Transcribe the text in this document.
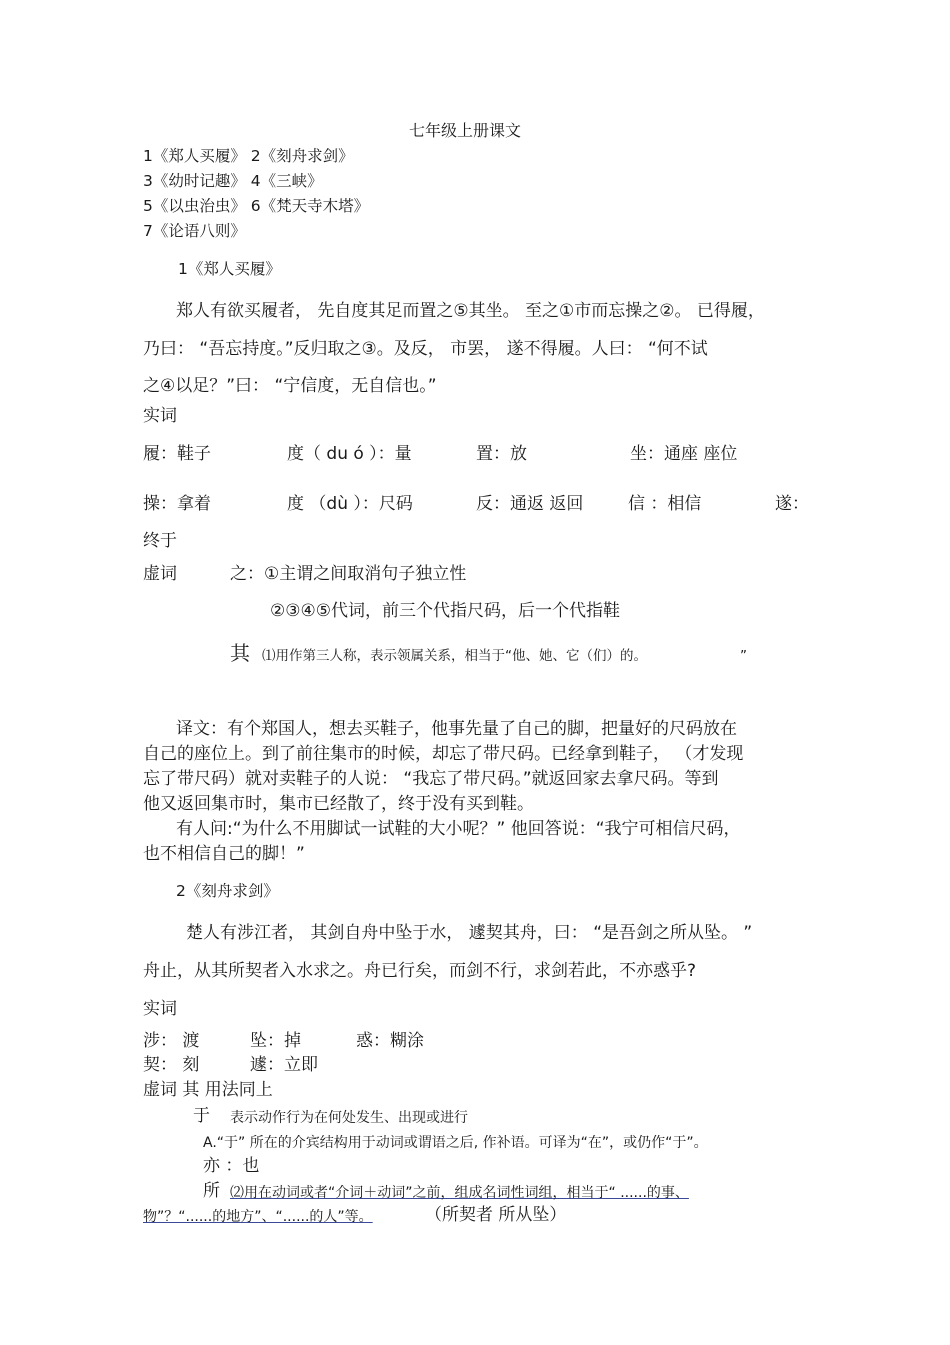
七年级上册课文
1《郑人买履》 2《刻舟求剑》
3《幼时记趣》 4《三峡》
5《以虫治虫》 6《梵天寺木塔》
7《论语八则》
1《郑人买履》
郑人有欲买履者， 先自度其足而置之⑤其坐。 至之①市而忘操之②。 已得履，
乃曰： “吾忘持度。”反归取之③。及反， 市罢， 遂不得履。人曰： “何不试
之④以足？”曰： “宁信度，无自信也。”
实词
履：鞋子	度（ du ó ）：量	置：放	坐：通座 座位
操：拿着	度 （dù ）：尺码	反：通返 返回	信 ：相信	遂：
终于
虚词	之：①主谓之间取消句子独立性
②③④⑤代词，前三个代指尺码，后一个代指鞋
其 ⑴用作第三人称，表示领属关系，相当于“他、她、它（们）的。	”
译文：有个郑国人，想去买鞋子，他事先量了自己的脚，把量好的尺码放在
自己的座位上。到了前往集市的时候，却忘了带尺码。已经拿到鞋子， （才发现
忘了带尺码）就对卖鞋子的人说： “我忘了带尺码。”就返回家去拿尺码。等到
他又返回集市时，集市已经散了，终于没有买到鞋。
有人问:“为什么不用脚试一试鞋的大小呢？” 他回答说：“我宁可相信尺码，
也不相信自己的脚！”
2《刻舟求剑》
楚人有涉江者， 其剑自舟中坠于水， 遽契其舟，曰： “是吾剑之所从坠。 ”
舟止，从其所契者入水求之。舟已行矣，而剑不行，求剑若此，不亦惑乎?
实词
涉： 渡	坠：掉	惑：糊涂
契： 刻	遽：立即
虚词 其 用法同上
于 表示动作行为在何处发生、出现或进行
A.“于” 所在的介宾结构用于动词或谓语之后, 作补语。可译为“在”，或仍作“于”。
亦 ：也
所 ⑵用在动词或者“介词＋动词”之前，组成名词性词组，相当于“ ......的事、
物”？“......的地方”、“......的人”等。	（所契者 所从坠）
